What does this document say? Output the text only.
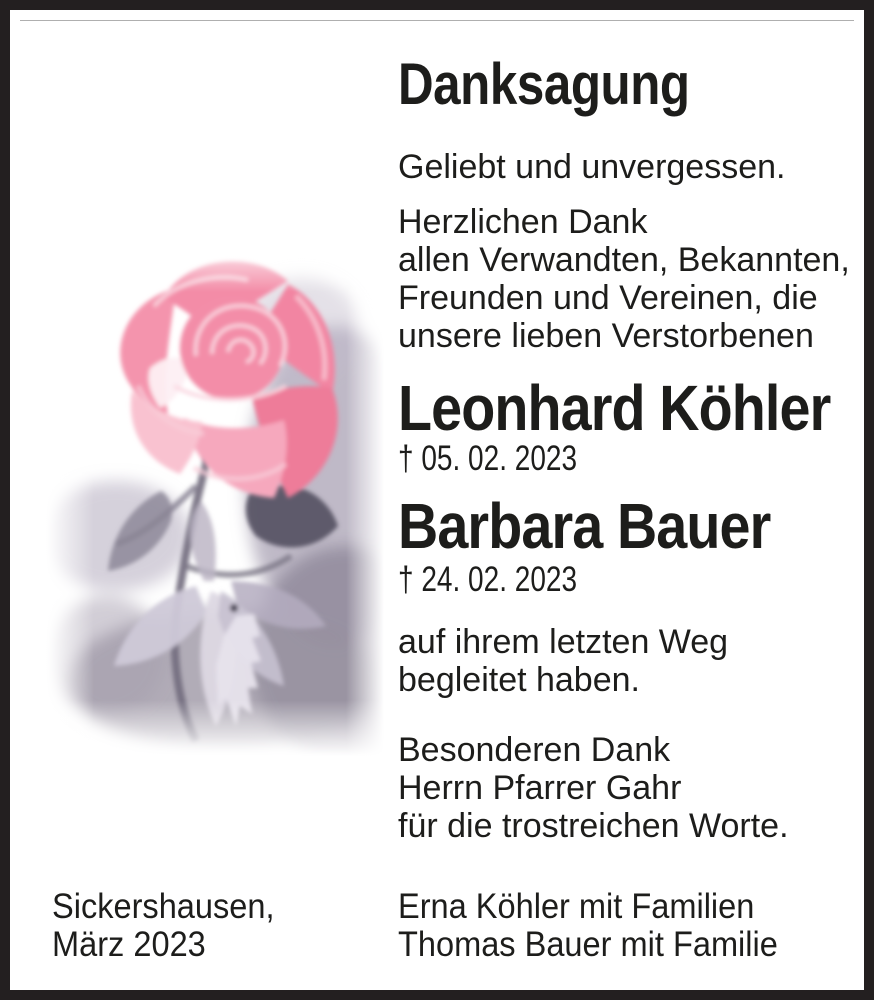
Danksagung
Geliebt und unvergessen.
Herzlichen Dank
allen Verwandten, Bekannten,
Freunden und Vereinen, die
unsere lieben Verstorbenen
Leonhard Köhler
† 05. 02. 2023
Barbara Bauer
† 24. 02. 2023
auf ihrem letzten Weg
begleitet haben.
Besonderen Dank
Herrn Pfarrer Gahr
für die trostreichen Worte.
Erna Köhler mit Familien
Thomas Bauer mit Familie
Sickershausen,
März 2023
